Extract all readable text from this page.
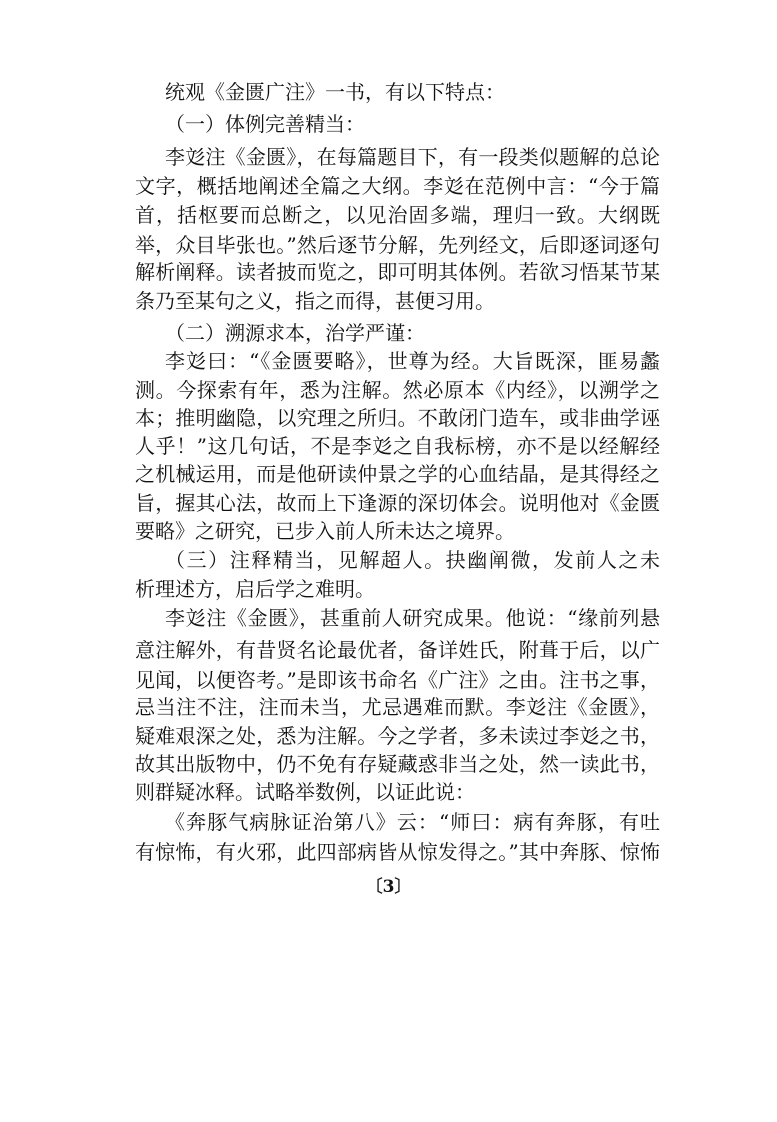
统观《金匮广注》一书，有以下特点：
（一）体例完善精当：
李彣注《金匮》，在每篇题目下，有一段类似题解的总论
文字，概括地阐述全篇之大纲。李彣在范例中言：“今于篇
首，括枢要而总断之，以见治固多端，理归一致。大纲既
举，众目毕张也。”然后逐节分解，先列经文，后即逐词逐句
解析阐释。读者披而览之，即可明其体例。若欲习悟某节某
条乃至某句之义，指之而得，甚便习用。
（二）溯源求本，治学严谨：
李彣曰：“《金匮要略》，世尊为经。大旨既深，匪易蠡
测。今探索有年，悉为注解。然必原本《内经》，以溯学之
本；推明幽隐，以究理之所归。不敢闭门造车，或非曲学诬
人乎！”这几句话，不是李彣之自我标榜，亦不是以经解经
之机械运用，而是他研读仲景之学的心血结晶，是其得经之
旨，握其心法，故而上下逢源的深切体会。说明他对《金匮
要略》之研究，已步入前人所未达之境界。
（三）注释精当，见解超人。抉幽阐微，发前人之未
析理述方，启后学之难明。
李彣注《金匮》，甚重前人研究成果。他说：“缘前列悬
意注解外，有昔贤名论最优者，备详姓氏，附葺于后，以广
见闻，以便咨考。”是即该书命名《广注》之由。注书之事，
忌当注不注，注而未当，尤忌遇难而默。李彣注《金匮》，
疑难艰深之处，悉为注解。今之学者，多未读过李彣之书，
故其出版物中，仍不免有存疑藏惑非当之处，然一读此书，
则群疑冰释。试略举数例，以证此说：
《奔豚气病脉证治第八》云：“师曰：病有奔豚，有吐
有惊怖，有火邪，此四部病皆从惊发得之。”其中奔豚、惊怖
〔3〕
